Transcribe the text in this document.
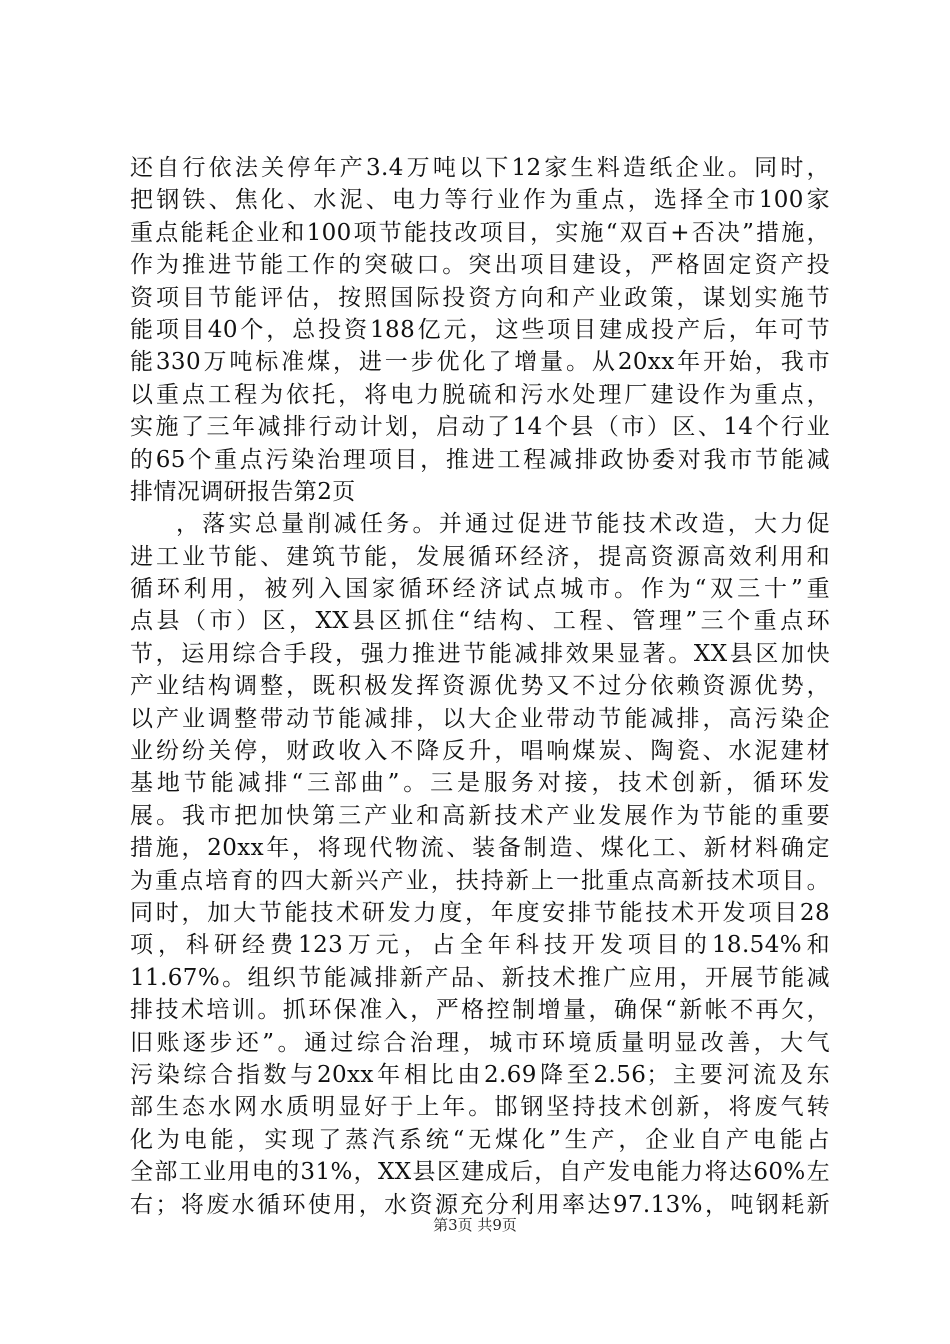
还自行依法关停年产3.4万吨以下12家生料造纸企业。同时，
把钢铁、焦化、水泥、电力等行业作为重点，选择全市100家
重点能耗企业和100项节能技改项目，实施“双百+否决”措施，
作为推进节能工作的突破口。突出项目建设，严格固定资产投
资项目节能评估，按照国际投资方向和产业政策，谋划实施节
能项目40个，总投资188亿元，这些项目建成投产后，年可节
能330万吨标准煤，进一步优化了增量。从20xx年开始，我市
以重点工程为依托，将电力脱硫和污水处理厂建设作为重点，
实施了三年减排行动计划，启动了14个县（市）区、14个行业
的65个重点污染治理项目，推进工程减排政协委对我市节能减
排情况调研报告第2页
，落实总量削减任务。并通过促进节能技术改造，大力促
进工业节能、建筑节能，发展循环经济，提高资源高效利用和
循环利用，被列入国家循环经济试点城市。作为“双三十”重
点县（市）区，XX县区抓住“结构、工程、管理”三个重点环
节，运用综合手段，强力推进节能减排效果显著。XX县区加快
产业结构调整，既积极发挥资源优势又不过分依赖资源优势，
以产业调整带动节能减排，以大企业带动节能减排，高污染企
业纷纷关停，财政收入不降反升，唱响煤炭、陶瓷、水泥建材
基地节能减排“三部曲”。三是服务对接，技术创新，循环发
展。我市把加快第三产业和高新技术产业发展作为节能的重要
措施，20xx年，将现代物流、装备制造、煤化工、新材料确定
为重点培育的四大新兴产业，扶持新上一批重点高新技术项目。
同时，加大节能技术研发力度，年度安排节能技术开发项目28
项，科研经费123万元，占全年科技开发项目的18.54%和
11.67%。组织节能减排新产品、新技术推广应用，开展节能减
排技术培训。抓环保准入，严格控制增量，确保“新帐不再欠，
旧账逐步还”。通过综合治理，城市环境质量明显改善，大气
污染综合指数与20xx年相比由2.69降至2.56；主要河流及东
部生态水网水质明显好于上年。邯钢坚持技术创新，将废气转
化为电能，实现了蒸汽系统“无煤化”生产，企业自产电能占
全部工业用电的31%，XX县区建成后，自产发电能力将达60%左
右；将废水循环使用，水资源充分利用率达97.13%，吨钢耗新
第3页 共9页
